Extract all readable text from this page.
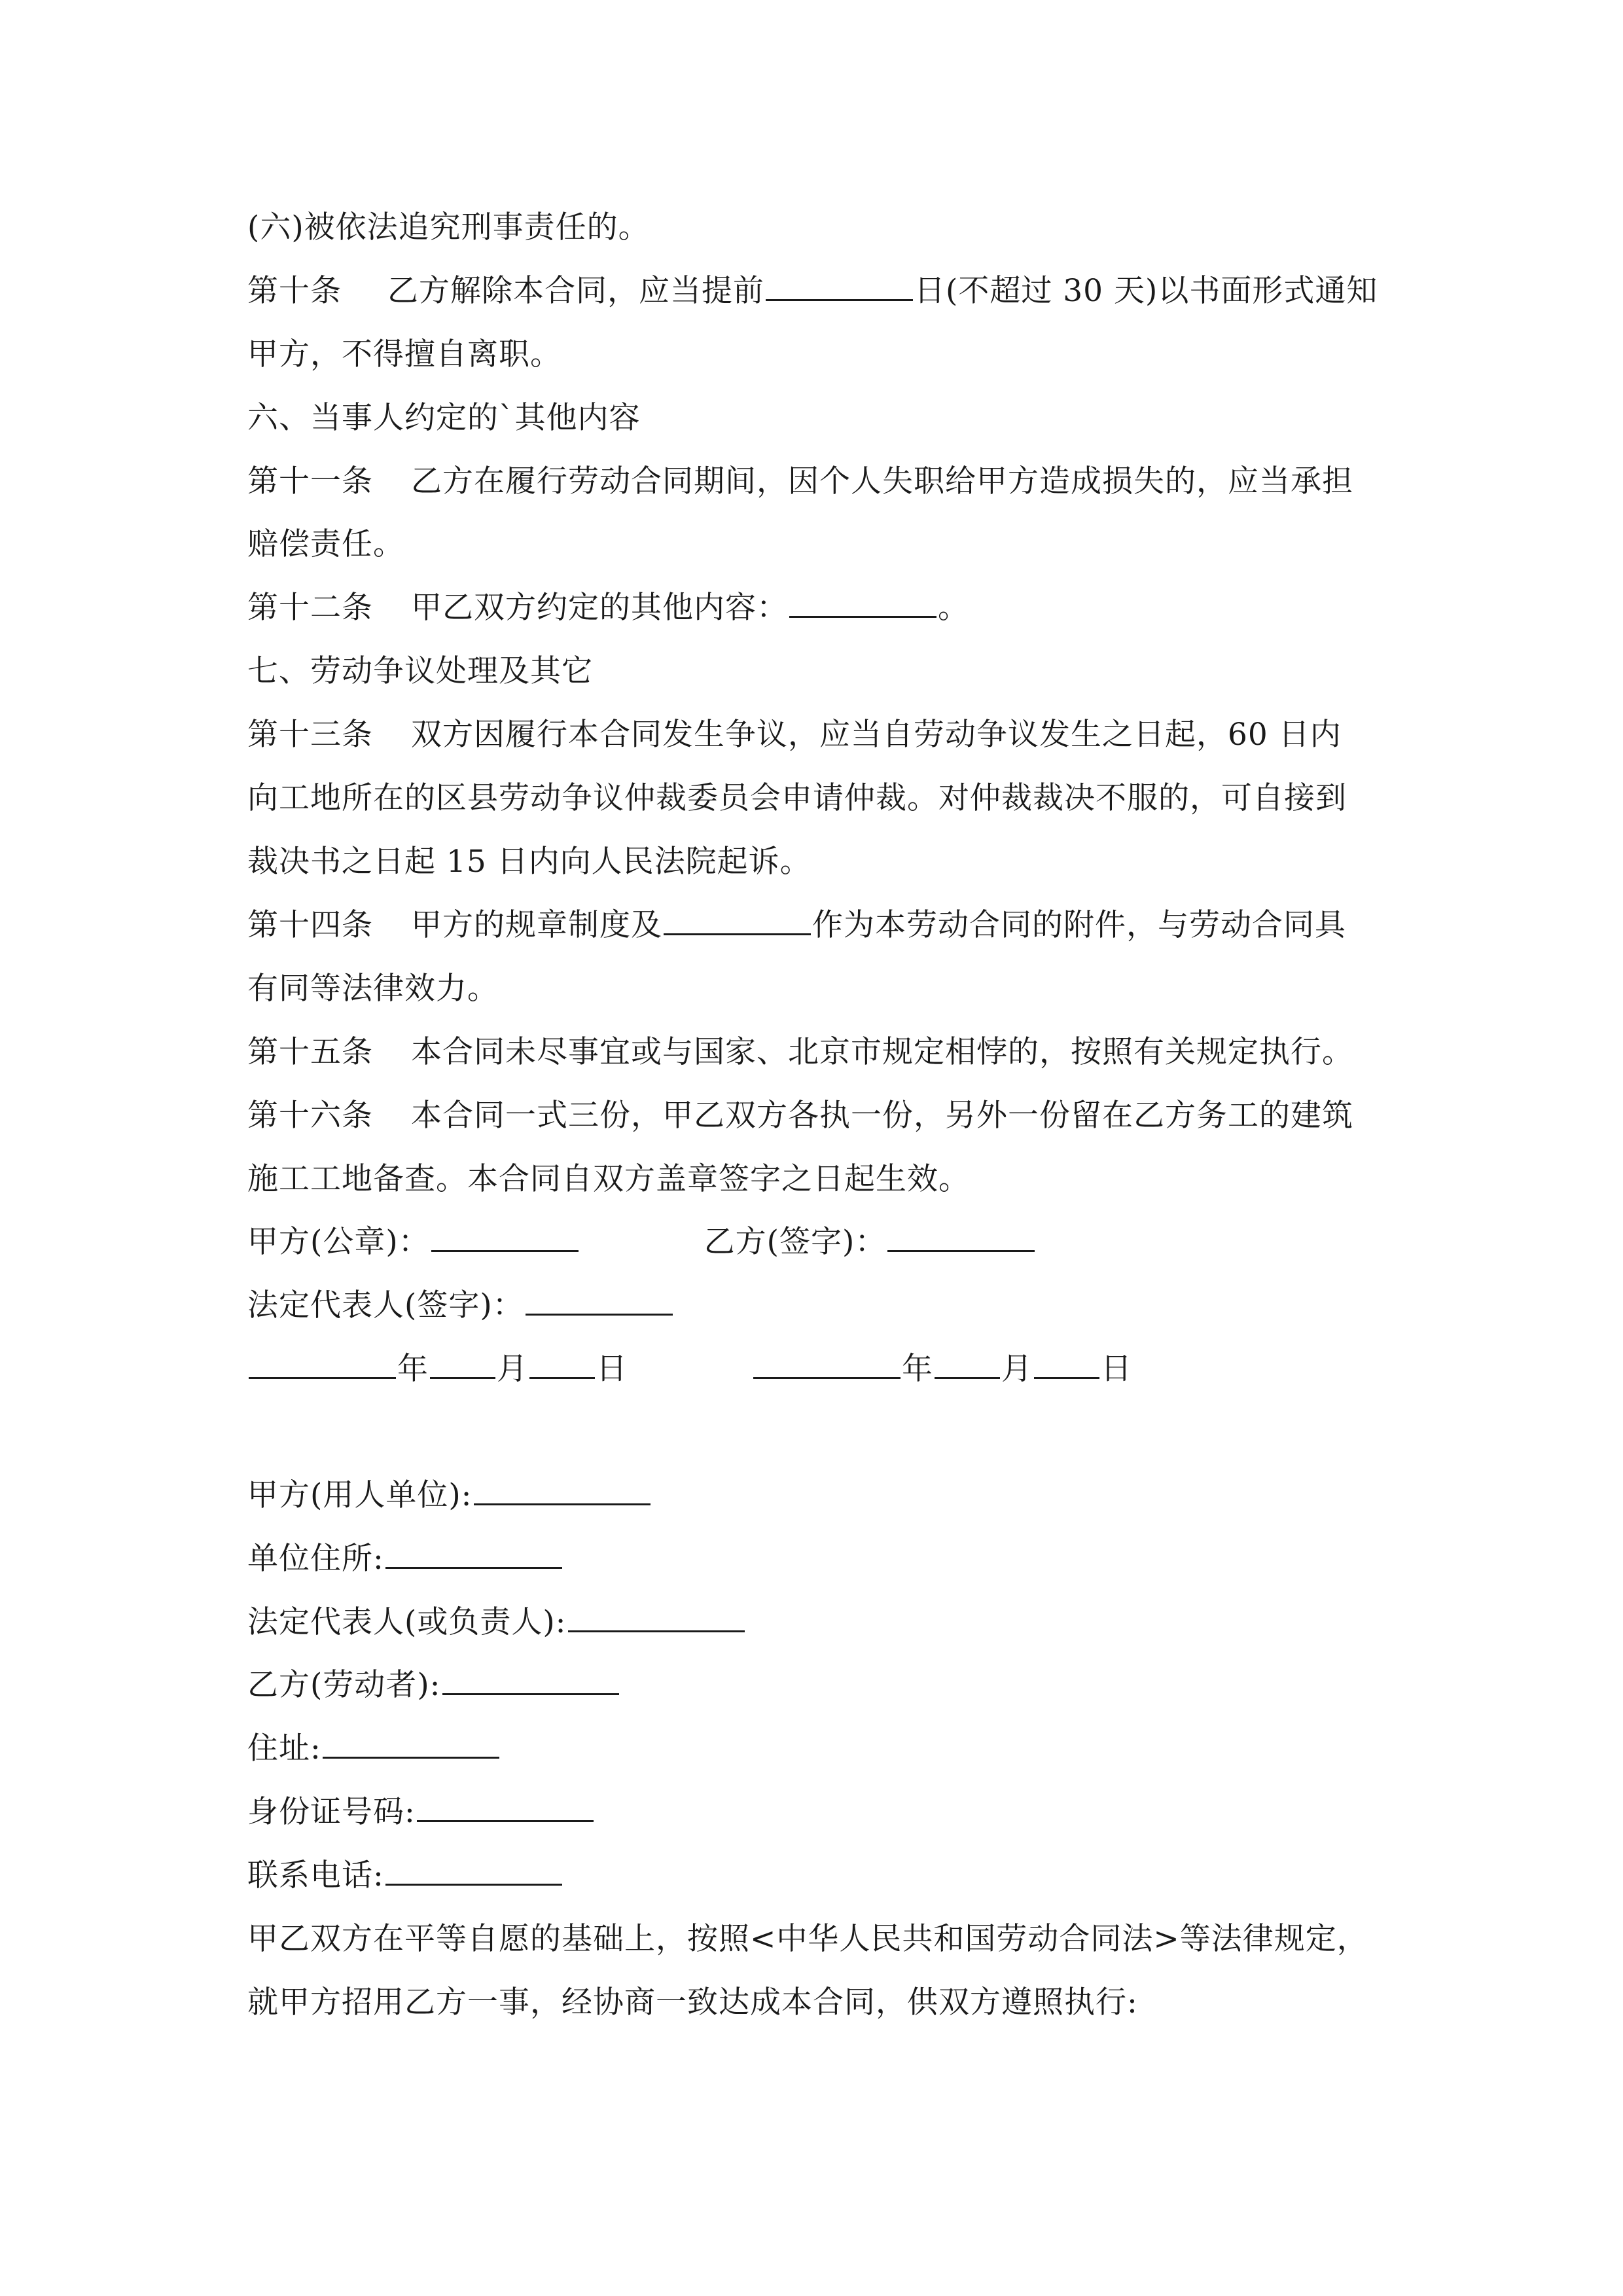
(六)被依法追究刑事责任的。
第十条 乙方解除本合同，应当提前	日(不超过 30 天)以书面形式通知
甲方，不得擅自离职。
六、当事人约定的`其他内容
第十一条 乙方在履行劳动合同期间，因个人失职给甲方造成损失的，应当承担
赔偿责任。
第十二条 甲乙双方约定的其他内容：	。
七、劳动争议处理及其它
第十三条 双方因履行本合同发生争议，应当自劳动争议发生之日起，60 日内
向工地所在的区县劳动争议仲裁委员会申请仲裁。对仲裁裁决不服的，可自接到
裁决书之日起 15 日内向人民法院起诉。
第十四条 甲方的规章制度及	作为本劳动合同的附件，与劳动合同具
有同等法律效力。
第十五条 本合同未尽事宜或与国家、北京市规定相悖的，按照有关规定执行。
第十六条 本合同一式三份，甲乙双方各执一份，另外一份留在乙方务工的建筑
施工工地备查。本合同自双方盖章签字之日起生效。
甲方(公章)：	乙方(签字)：
法定代表人(签字)：
年 月 日	年 月 日
甲方(用人单位):
单位住所:
法定代表人(或负责人):
乙方(劳动者):
住址:
身份证号码:
联系电话:
甲乙双方在平等自愿的基础上，按照<中华人民共和国劳动合同法>等法律规定，
就甲方招用乙方一事，经协商一致达成本合同，供双方遵照执行:
